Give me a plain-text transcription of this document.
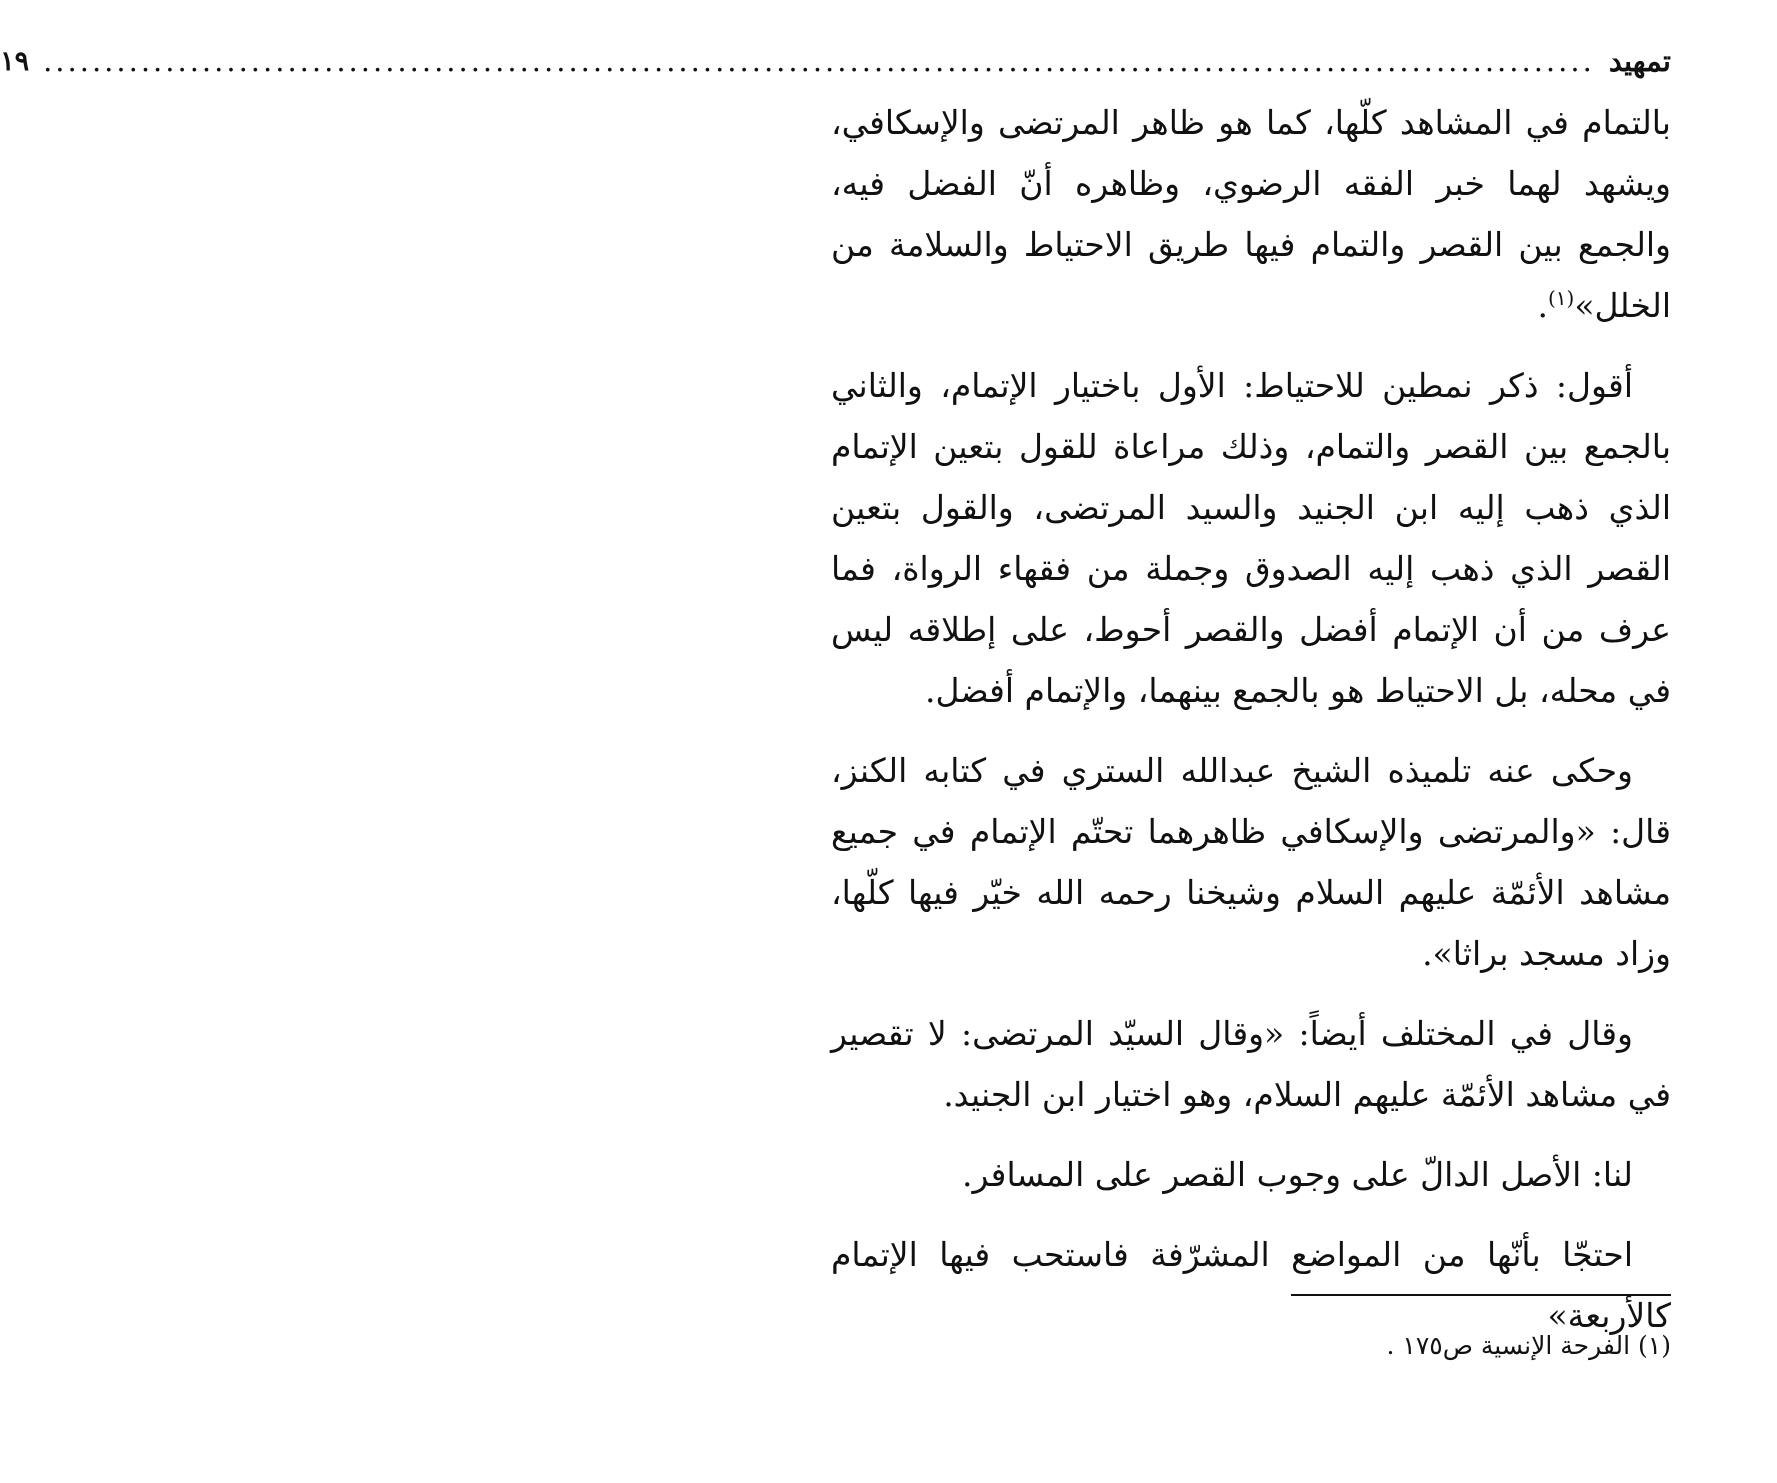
تمهيد
...............................................................................................................................
١٩

بالتمام في المشاهد كلّها، كما هو ظاهر المرتضى والإسكافي، ويشهد لهما خبر الفقه الرضوي، وظاهره أنّ الفضل فيه، والجمع بين القصر والتمام فيها طريق الاحتياط والسلامة من الخلل»$^{(١)}$.

أقول: ذكر نمطين للاحتياط: الأول باختيار الإتمام، والثاني بالجمع بين القصر والتمام، وذلك مراعاة للقول بتعين الإتمام الذي ذهب إليه ابن الجنيد والسيد المرتضى، والقول بتعين القصر الذي ذهب إليه الصدوق وجملة من فقهاء الرواة، فما عرف من أن الإتمام أفضل والقصر أحوط، على إطلاقه ليس في محله، بل الاحتياط هو بالجمع بينهما، والإتمام أفضل.

وحكى عنه تلميذه الشيخ عبدالله الستري في كتابه الكنز، قال: «والمرتضى والإسكافي ظاهرهما تحتّم الإتمام في جميع مشاهد الأئمّة عليهم السلام وشيخنا رحمه الله خيّر فيها كلّها، وزاد مسجد براثا».

وقال في المختلف أيضاً: «وقال السيّد المرتضى: لا تقصير في مشاهد الأئمّة عليهم السلام، وهو اختيار ابن الجنيد.

لنا: الأصل الدالّ على وجوب القصر على المسافر.

احتجّا بأنّها من المواضع المشرّفة فاستحب فيها الإتمام كالأربعة»

(١) الفرحة الإنسية ص١٧٥ .
